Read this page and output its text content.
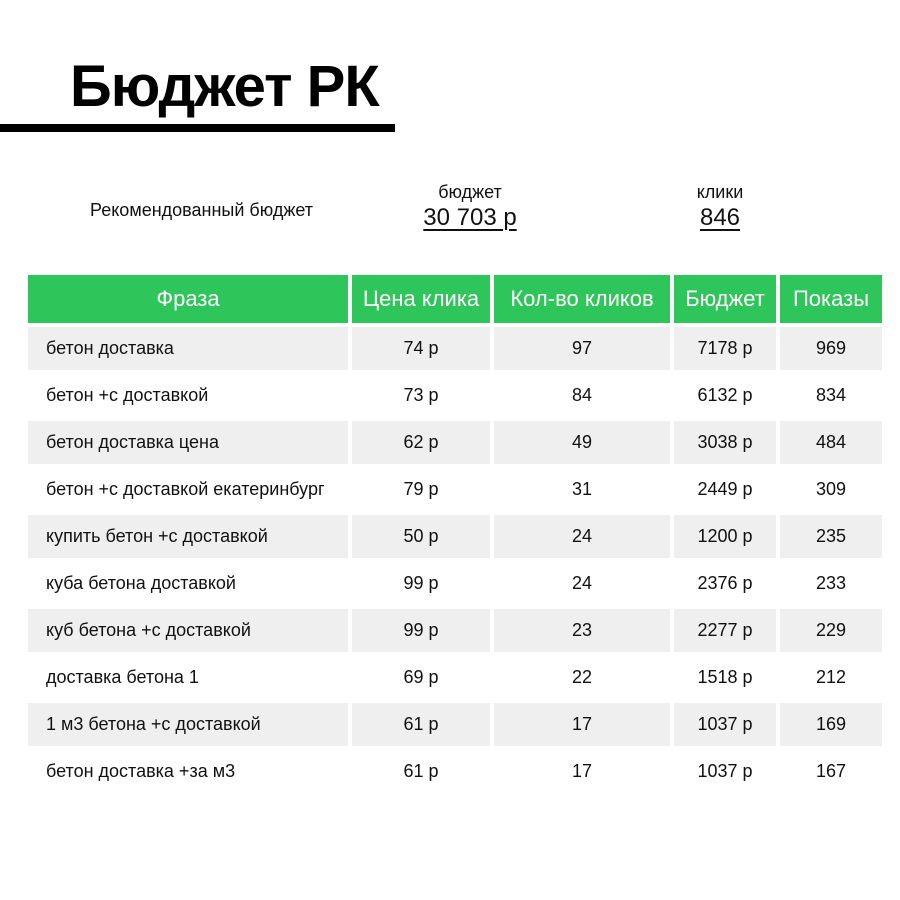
Бюджет РК
Рекомендованный бюджет
бюджет
30 703 р
клики
846
Фраза	Цена клика	Кол-во кликов	Бюджет	Показы
бетон доставка	74 р	97	7178 р	969
бетон +с доставкой	73 р	84	6132 р	834
бетон доставка цена	62 р	49	3038 р	484
бетон +с доставкой екатеринбург	79 р	31	2449 р	309
купить бетон +с доставкой	50 р	24	1200 р	235
куба бетона доставкой	99 р	24	2376 р	233
куб бетона +с доставкой	99 р	23	2277 р	229
доставка бетона 1	69 р	22	1518 р	212
1 м3 бетона +с доставкой	61 р	17	1037 р	169
бетон доставка +за м3	61 р	17	1037 р	167
